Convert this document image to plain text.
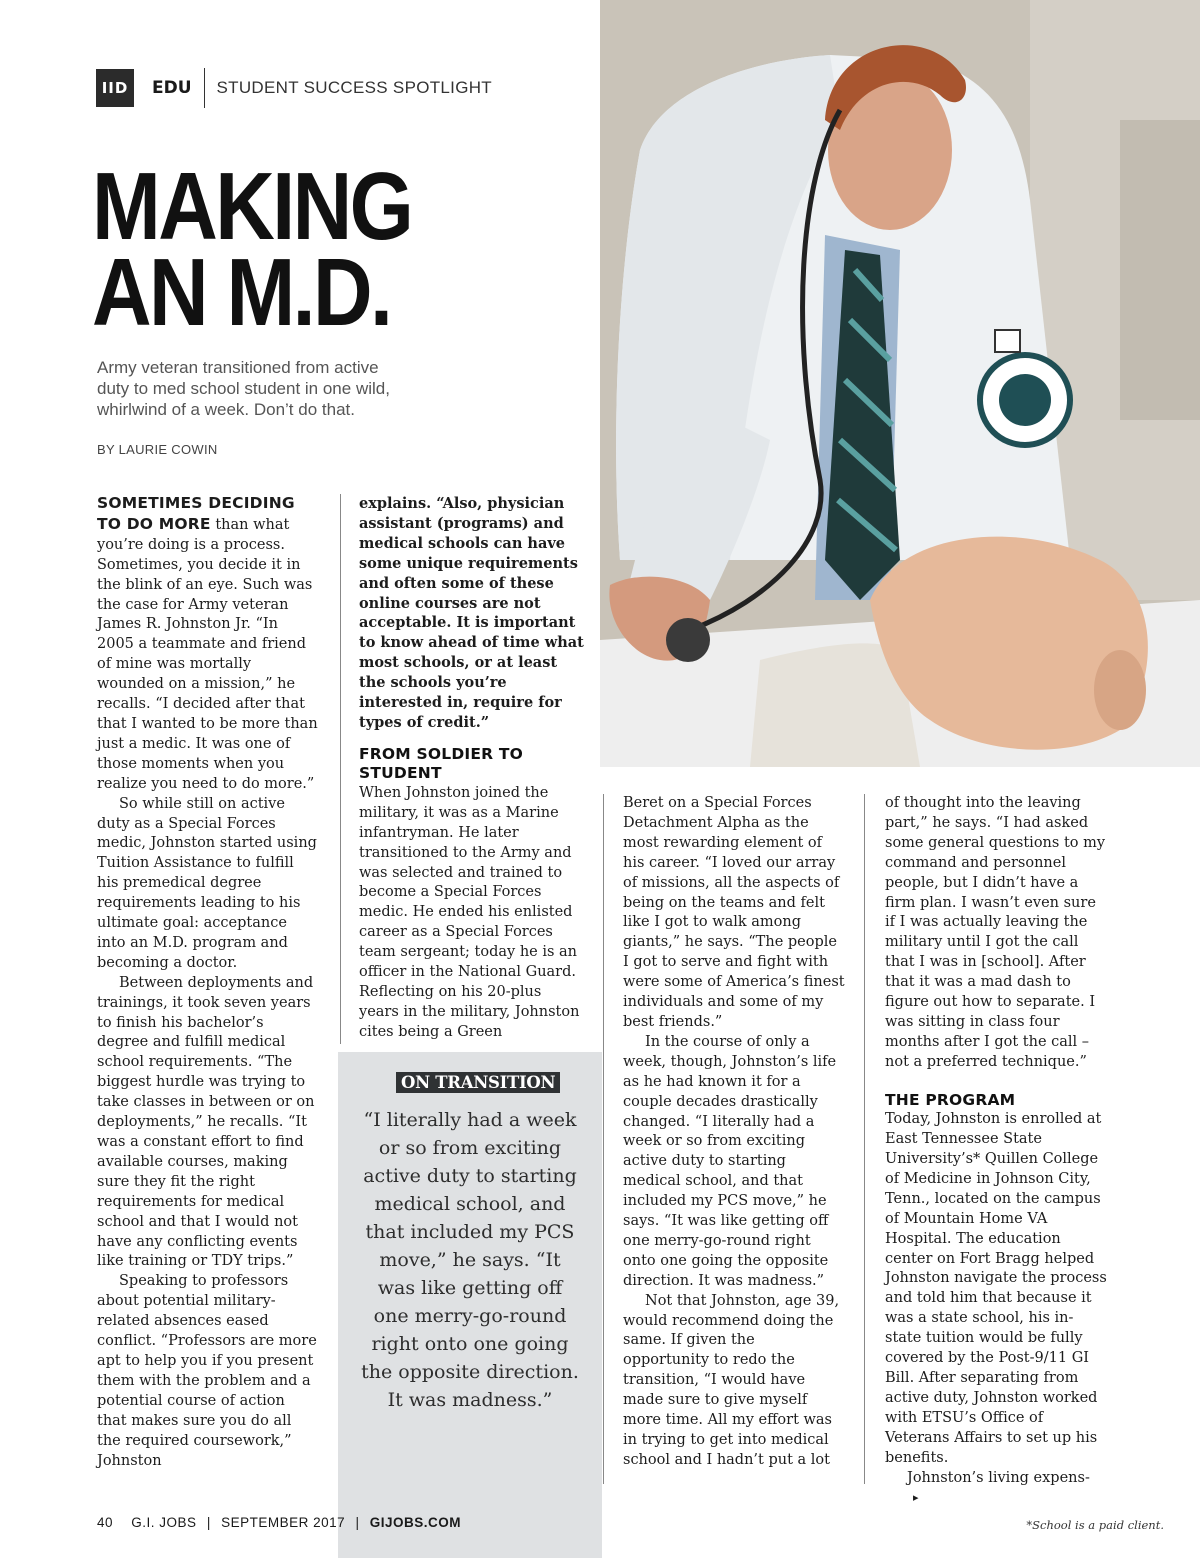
IID	EDU STUDENT SUCCESS SPOTLIGHT
MAKING
AN M.D.

Army veteran transitioned from active duty to med school student in one wild, whirlwind of a week. Don’t do that.

BY LAURIE COWIN

SOMETIMES DECIDING TO DO MORE than what you’re doing is a process. Sometimes, you decide it in the blink of an eye. Such was the case for Army veteran James R. Johnston Jr. “In 2005 a teammate and friend of mine was mortally wounded on a mission,” he recalls. “I decided after that that I wanted to be more than just a medic. It was one of those moments when you realize you need to do more.”

So while still on active duty as a Special Forces medic, Johnston started using Tuition Assistance to fulfill his premedical degree requirements leading to his ultimate goal: acceptance into an M.D. program and becoming a doctor.

Between deployments and trainings, it took seven years to finish his bachelor’s degree and fulfill medical school requirements. “The biggest hurdle was trying to take classes in between or on deployments,” he recalls. “It was a constant effort to find available courses, making sure they fit the right requirements for medical school and that I would not have any conflicting events like training or TDY trips.”

Speaking to professors about potential military-related absences eased conflict. “Professors are more apt to help you if you present them with the problem and a potential course of action that makes sure you do all the required coursework,” Johnston

explains. “Also, physician assistant (programs) and medical schools can have some unique requirements and often some of these online courses are not acceptable. It is important to know ahead of time what most schools, or at least the schools you’re interested in, require for types of credit.”

FROM SOLDIER TO STUDENT

When Johnston joined the military, it was as a Marine infantryman. He later transitioned to the Army and was selected and trained to become a Special Forces medic. He ended his enlisted career as a Special Forces team sergeant; today he is an officer in the National Guard. Reflecting on his 20-plus years in the military, Johnston cites being a Green

ON TRANSITION
“I literally had a week or so from exciting active duty to starting medical school, and that included my PCS move,” he says. “It was like getting off one merry-go-round right onto one going the opposite direction. It was madness.”

Beret on a Special Forces Detachment Alpha as the most rewarding element of his career. “I loved our array of missions, all the aspects of being on the teams and felt like I got to walk among giants,” he says. “The people I got to serve and fight with were some of America’s finest individuals and some of my best friends.”

In the course of only a week, though, Johnston’s life as he had known it for a couple decades drastically changed. “I literally had a week or so from exciting active duty to starting medical school, and that included my PCS move,” he says. “It was like getting off one merry-go-round right onto one going the opposite direction. It was madness.”

Not that Johnston, age 39, would recommend doing the same. If given the opportunity to redo the transition, “I would have made sure to give myself more time. All my effort was in trying to get into medical school and I hadn’t put a lot

of thought into the leaving part,” he says. “I had asked some general questions to my command and personnel people, but I didn’t have a firm plan. I wasn’t even sure if I was actually leaving the military until I got the call that I was in [school]. After that it was a mad dash to figure out how to separate. I was sitting in class four months after I got the call – not a preferred technique.”

THE PROGRAM

Today, Johnston is enrolled at East Tennessee State University’s* Quillen College of Medicine in Johnson City, Tenn., located on the campus of Mountain Home VA Hospital. The education center on Fort Bragg helped Johnston navigate the process and told him that because it was a state school, his in-state tuition would be fully covered by the Post-9/11 GI Bill. After separating from active duty, Johnston worked with ETSU’s Office of Veterans Affairs to set up his benefits.

Johnston’s living expens-▸

40 G.I. JOBS | SEPTEMBER 2017 | GIJOBS.COM	*School is a paid client.
